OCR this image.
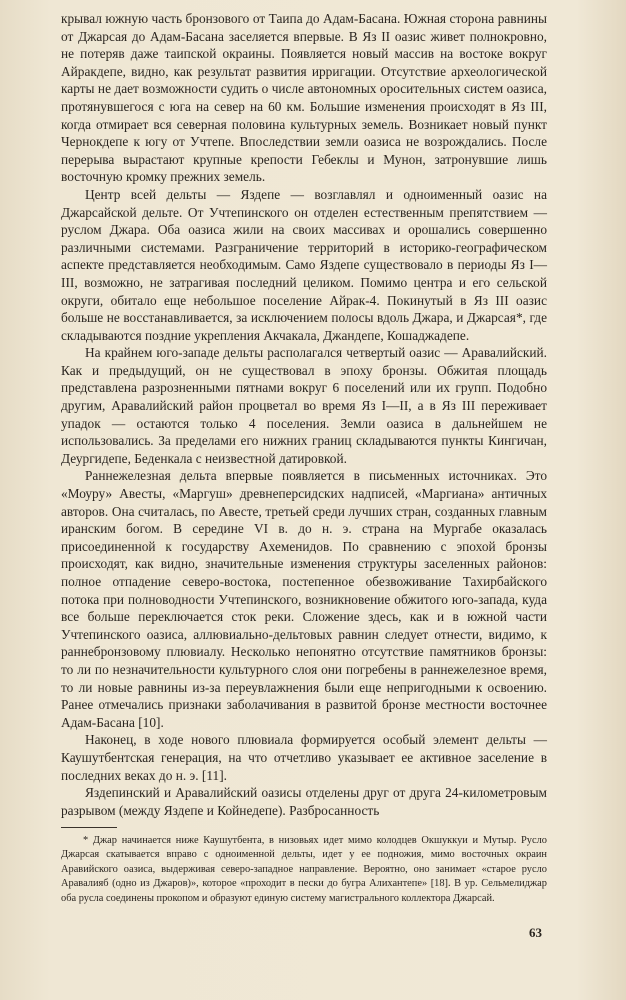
крывал южную часть бронзового от Таипа до Адам-Басана. Южная сторона равнины от Джарсая до Адам-Басана заселяется впервые. В Яз II оазис живет полнокровно, не потеряв даже таипской окраины. Появляется новый массив на востоке вокруг Айракдепе, видно, как результат развития ирригации. Отсутствие археологической карты не дает возможности судить о числе автономных оросительных систем оазиса, протянувшегося с юга на север на 60 км. Большие изменения происходят в Яз III, когда отмирает вся северная половина культурных земель. Возникает новый пункт Чернокдепе к югу от Учтепе. Впоследствии земли оазиса не возрождались. После перерыва вырастают крупные крепости Гебеклы и Мунон, затронувшие лишь восточную кромку прежних земель.

Центр всей дельты — Яздепе — возглавлял и одноименный оазис на Джарсайской дельте. От Учтепинского он отделен естественным препятствием — руслом Джара. Оба оазиса жили на своих массивах и орошались совершенно различными системами. Разграничение территорий в историко-географическом аспекте представляется необходимым. Само Яздепе существовало в периоды Яз I—III, возможно, не затрагивая последний целиком. Помимо центра и его сельской округи, обитало еще небольшое поселение Айрак-4. Покинутый в Яз III оазис больше не восстанавливается, за исключением полосы вдоль Джара, и Джарсая*, где складываются поздние укрепления Акчакала, Джандепе, Кошаджадепе.

На крайнем юго-западе дельты располагался четвертый оазис — Аравалийский. Как и предыдущий, он не существовал в эпоху бронзы. Обжитая площадь представлена разрозненными пятнами вокруг 6 поселений или их групп. Подобно другим, Аравалийский район процветал во время Яз I—II, а в Яз III переживает упадок — остаются только 4 поселения. Земли оазиса в дальнейшем не использовались. За пределами его нижних границ складываются пункты Кингичан, Деургидепе, Беденкала с неизвестной датировкой.

Раннежелезная дельта впервые появляется в письменных источниках. Это «Моуру» Авесты, «Маргуш» древнеперсидских надписей, «Маргиана» античных авторов. Она считалась, по Авесте, третьей среди лучших стран, созданных главным иранским богом. В середине VI в. до н. э. страна на Мургабе оказалась присоединенной к государству Ахеменидов. По сравнению с эпохой бронзы происходят, как видно, значительные изменения структуры заселенных районов: полное отпадение северо-востока, постепенное обезвоживание Тахирбайского потока при полноводности Учтепинского, возникновение обжитого юго-запада, куда все больше переключается сток реки. Сложение здесь, как и в южной части Учтепинского оазиса, аллювиально-дельтовых равнин следует отнести, видимо, к раннебронзовому плювиалу. Несколько непонятно отсутствие памятников бронзы: то ли по незначительности культурного слоя они погребены в раннежелезное время, то ли новые равнины из-за переувлажнения были еще непригодными к освоению. Ранее отмечались признаки заболачивания в развитой бронзе местности восточнее Адам-Басана [10].

Наконец, в ходе нового плювиала формируется особый элемент дельты — Каушутбентская генерация, на что отчетливо указывает ее активное заселение в последних веках до н. э. [11].

Яздепинский и Аравалийский оазисы отделены друг от друга 24-километровым разрывом (между Яздепе и Койнедепе). Разбросанность

* Джар начинается ниже Каушутбента, в низовьях идет мимо колодцев Окшуккуи и Мутыр. Русло Джарсая скатывается вправо с одноименной дельты, идет у ее подножия, мимо восточных окраин Аравийского оазиса, выдерживая северо-западное направление. Вероятно, оно занимает «старое русло Аравалияб (одно из Джаров)», которое «проходит в пески до бугра Алихантепе» [18]. В ур. Сельмелиджар оба русла соединены прокопом и образуют единую систему магистрального коллектора Джарсай.

63
